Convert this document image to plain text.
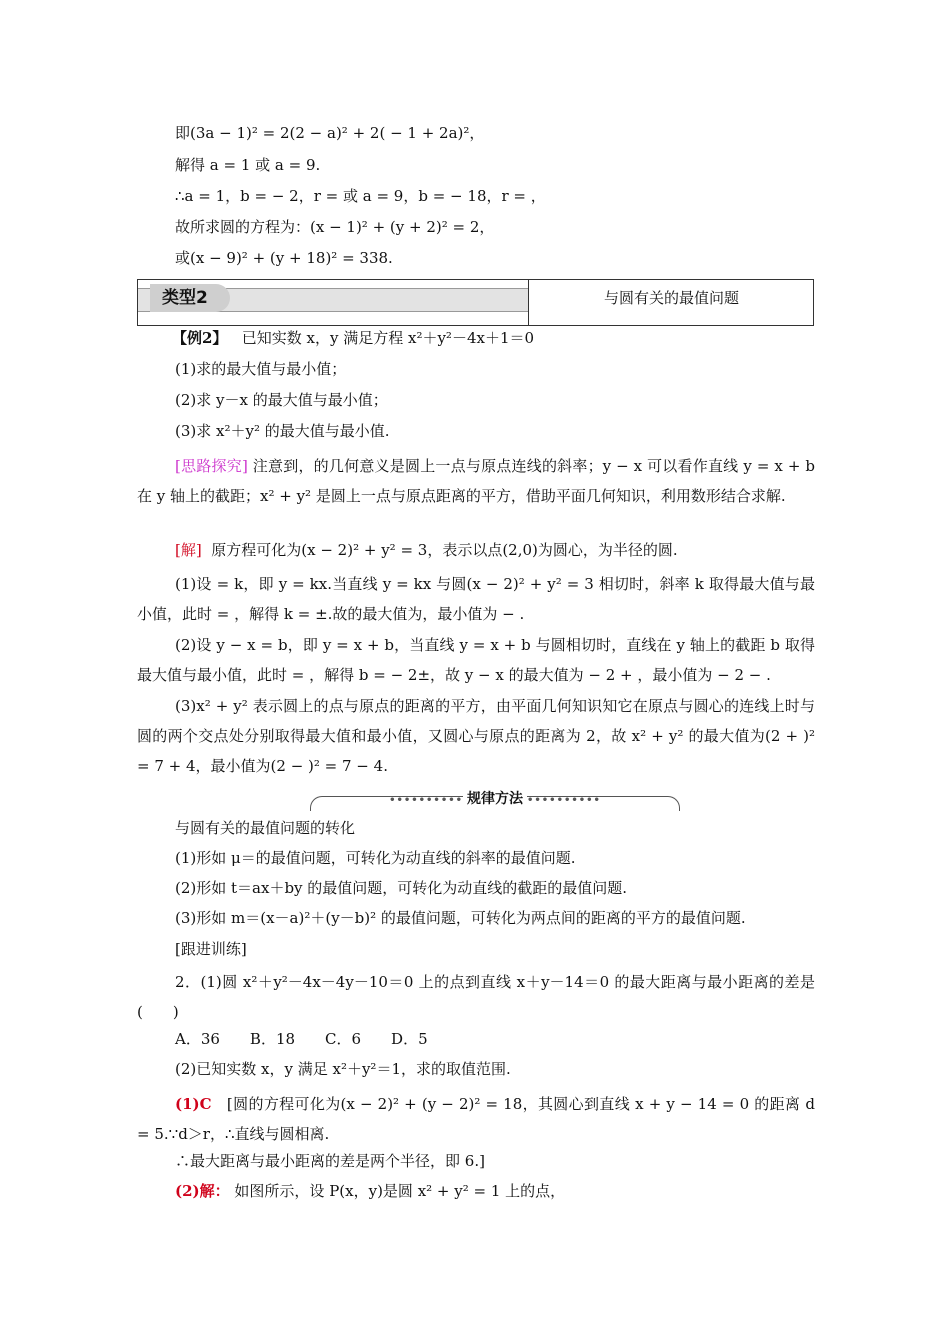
即(3a − 1)² = 2(2 − a)² + 2( − 1 + 2a)²，
解得 a = 1 或 a = 9.
∴a = 1，b = − 2，r = 或 a = 9，b = − 18，r = ，
故所求圆的方程为：(x − 1)² + (y + 2)² = 2，
或(x − 9)² + (y + 18)² = 338.
类型2	与圆有关的最值问题
【例2】 已知实数 x，y 满足方程 x²＋y²－4x＋1＝0
(1)求的最大值与最小值；
(2)求 y－x 的最大值与最小值；
(3)求 x²＋y² 的最大值与最小值.
[思路探究] 注意到，的几何意义是圆上一点与原点连线的斜率；y − x 可以看作直线 y = x + b 在 y 轴上的截距；x² + y² 是圆上一点与原点距离的平方，借助平面几何知识，利用数形结合求解.
[解] 原方程可化为(x − 2)² + y² = 3，表示以点(2,0)为圆心，为半径的圆.
(1)设 = k，即 y = kx.当直线 y = kx 与圆(x − 2)² + y² = 3 相切时，斜率 k 取得最大值与最小值，此时 = ，解得 k = ±.故的最大值为，最小值为 − .
(2)设 y − x = b，即 y = x + b，当直线 y = x + b 与圆相切时，直线在 y 轴上的截距 b 取得最大值与最小值，此时 = ，解得 b = − 2±，故 y − x 的最大值为 − 2 + ，最小值为 − 2 − .
(3)x² + y² 表示圆上的点与原点的距离的平方，由平面几何知识知它在原点与圆心的连线上时与圆的两个交点处分别取得最大值和最小值，又圆心与原点的距离为 2，故 x² + y² 的最大值为(2 + )² = 7 + 4，最小值为(2 − )² = 7 − 4.
•••••••••• 规律方法 ••••••••••
与圆有关的最值问题的转化
(1)形如 μ＝的最值问题，可转化为动直线的斜率的最值问题.
(2)形如 t＝ax＋by 的最值问题，可转化为动直线的截距的最值问题.
(3)形如 m＝(x－a)²＋(y－b)² 的最值问题，可转化为两点间的距离的平方的最值问题.
[跟进训练]
2．(1)圆 x²＋y²－4x－4y－10＝0 上的点到直线 x＋y－14＝0 的最大距离与最小距离的差是(　　)
A．36　　B．18　　C．6　　D．5
(2)已知实数 x，y 满足 x²＋y²＝1，求的取值范围.
(1)C [圆的方程可化为(x − 2)² + (y − 2)² = 18，其圆心到直线 x + y − 14 = 0 的距离 d = 5.∵d＞r，∴直线与圆相离.
∴最大距离与最小距离的差是两个半径，即 6.]
(2)解： 如图所示，设 P(x，y)是圆 x² + y² = 1 上的点，
